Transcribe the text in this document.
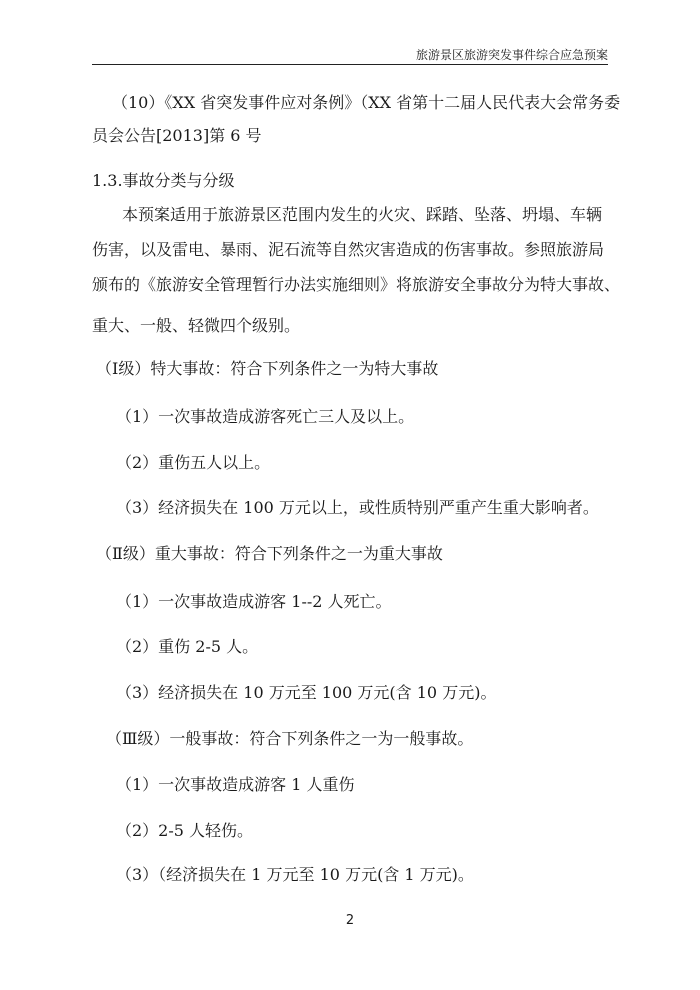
旅游景区旅游突发事件综合应急预案
（10）《XX 省突发事件应对条例》（XX 省第十二届人民代表大会常务委
员会公告[2013]第 6 号
1.3.事故分类与分级
本预案适用于旅游景区范围内发生的火灾、踩踏、坠落、坍塌、车辆
伤害，以及雷电、暴雨、泥石流等自然灾害造成的伤害事故。参照旅游局
颁布的《旅游安全管理暂行办法实施细则》将旅游安全事故分为特大事故、
重大、一般、轻微四个级别。
（Ⅰ级）特大事故：符合下列条件之一为特大事故
（1）一次事故造成游客死亡三人及以上。
（2）重伤五人以上。
（3）经济损失在 100 万元以上，或性质特别严重产生重大影响者。
（Ⅱ级）重大事故：符合下列条件之一为重大事故
（1）一次事故造成游客 1--2 人死亡。
（2）重伤 2-5 人。
（3）经济损失在 10 万元至 100 万元(含 10 万元)。
（Ⅲ级）一般事故：符合下列条件之一为一般事故。
（1）一次事故造成游客 1 人重伤
（2）2-5 人轻伤。
（3）（经济损失在 1 万元至 10 万元(含 1 万元)。
2
